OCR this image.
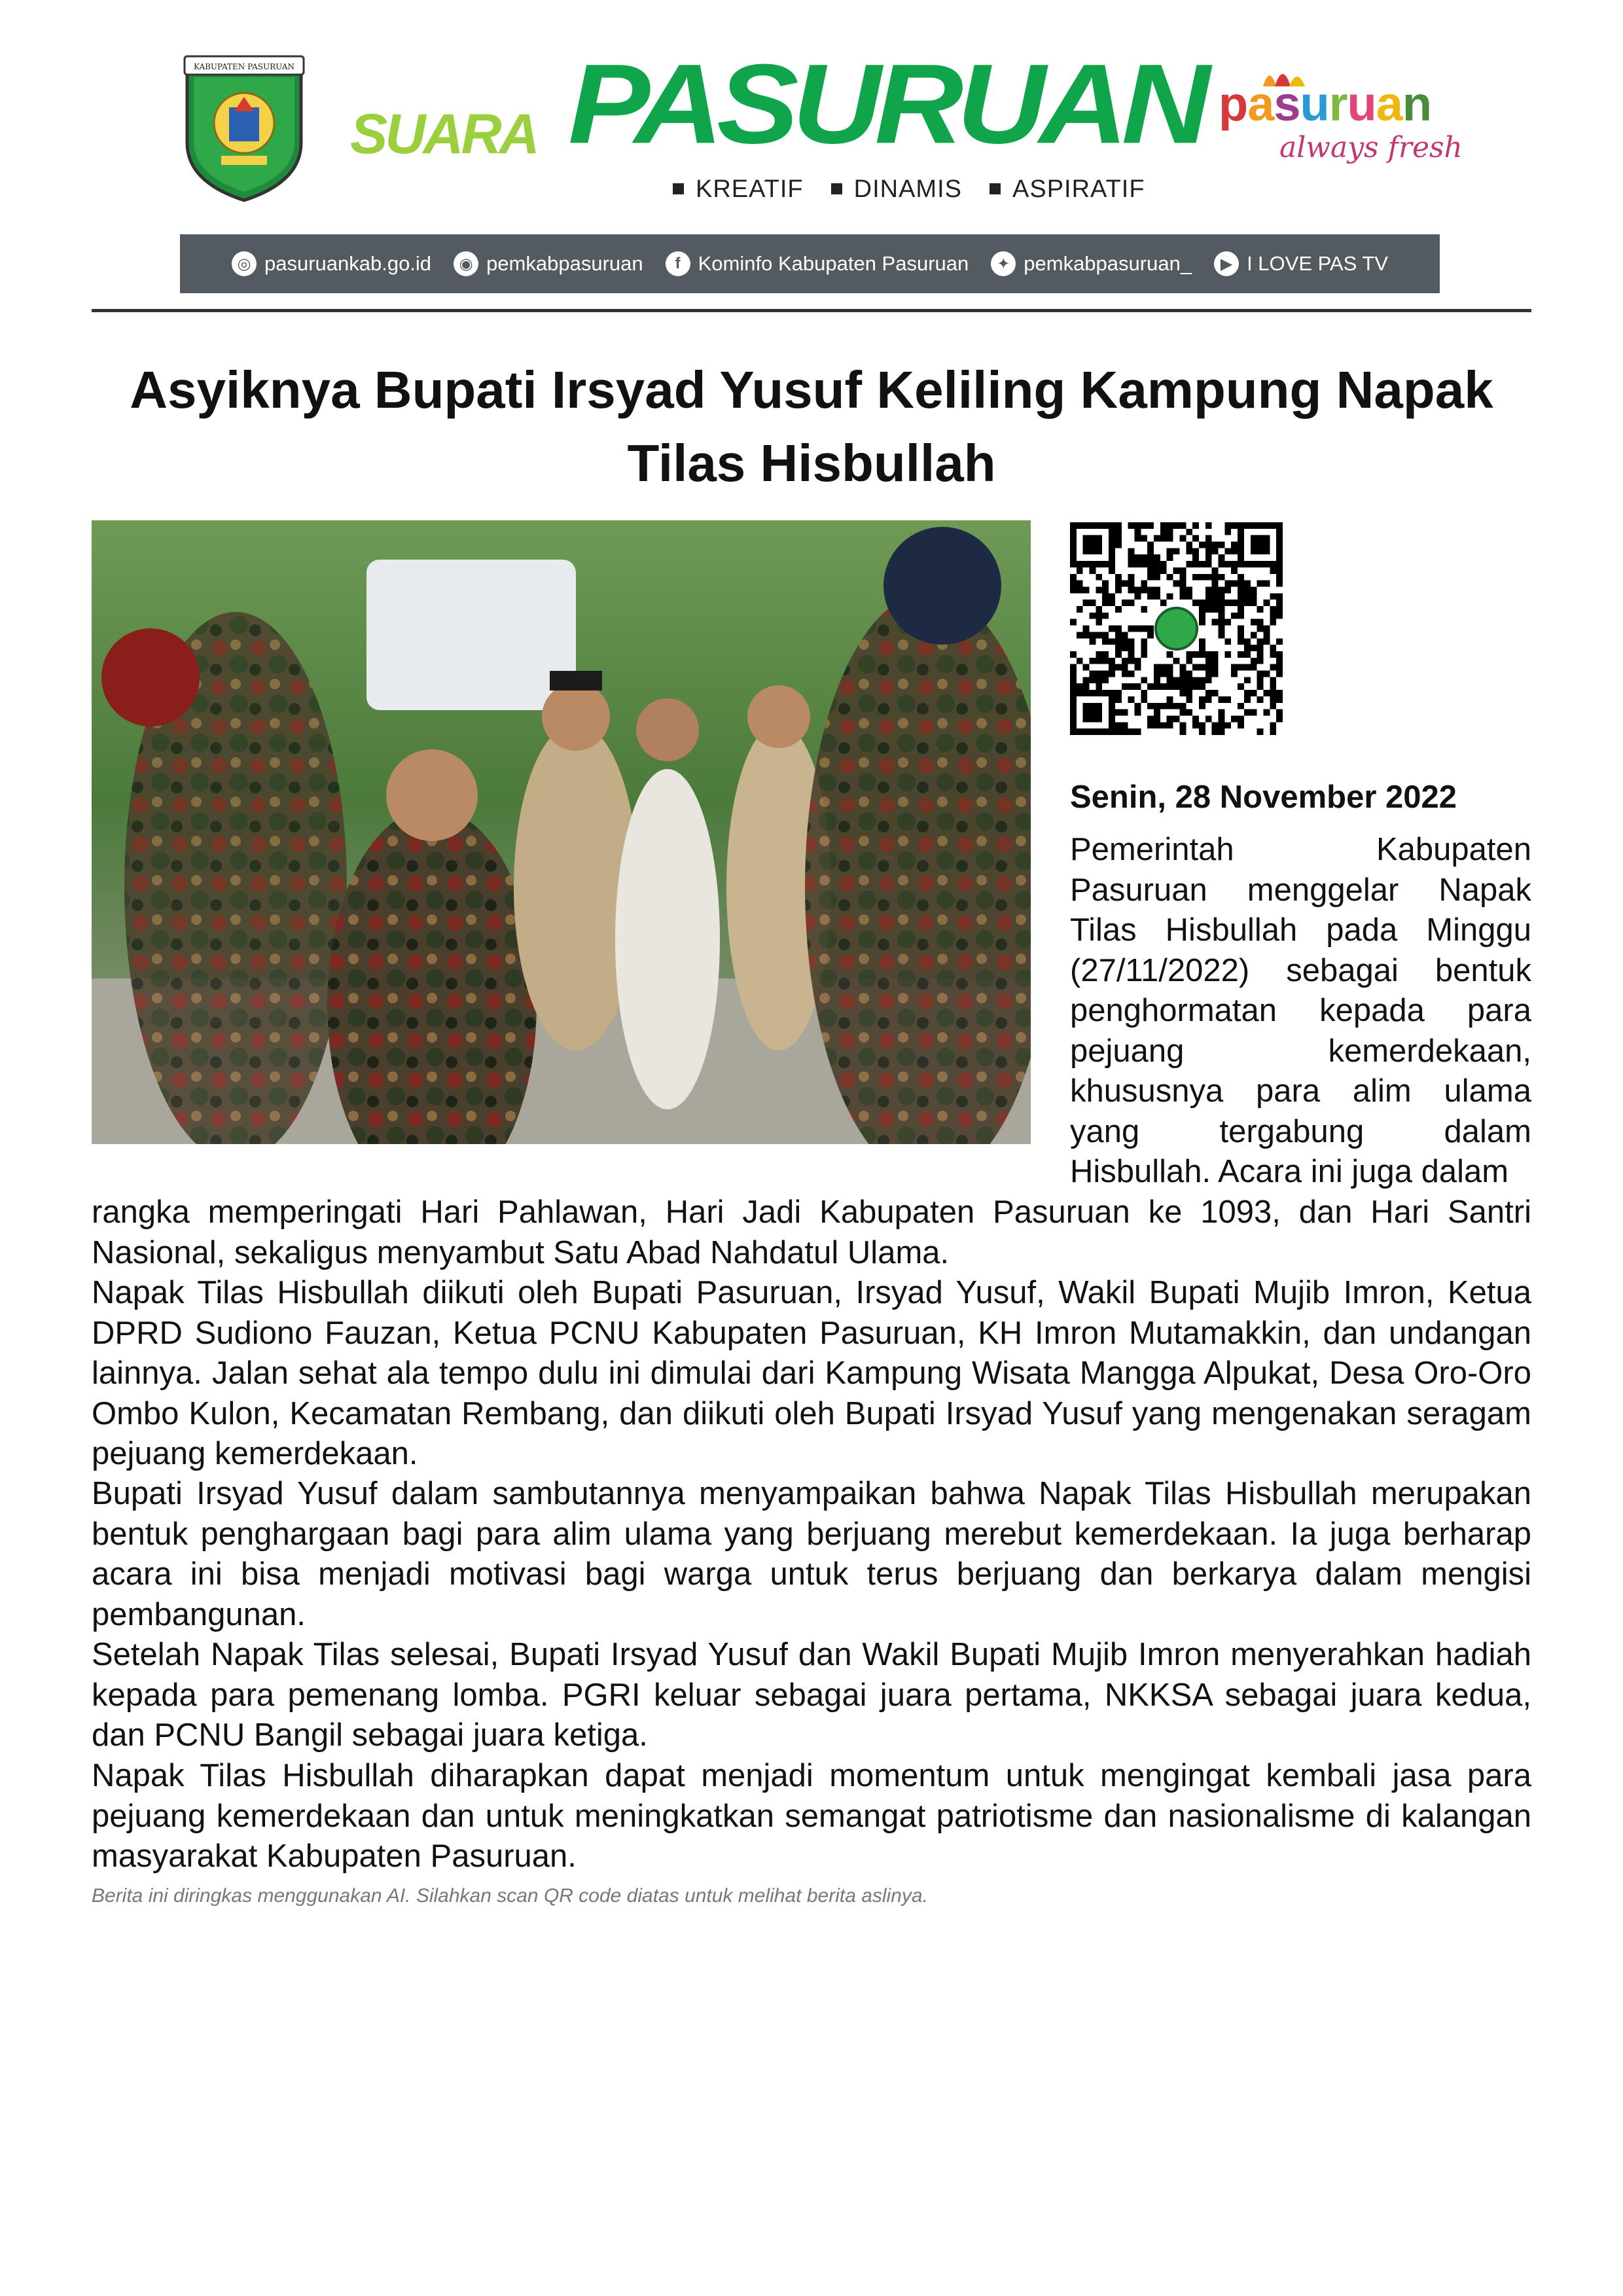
KABUPATEN PASURUAN
SUARA PASURUAN
KREATIF	DINAMIS	ASPIRATIF
pasuruan
always fresh
◎ pasuruankab.go.id	◉ pemkabpasuruan	f Kominfo Kabupaten Pasuruan	✦ pemkabpasuruan_	▶ I LOVE PAS TV
Asyiknya Bupati Irsyad Yusuf Keliling Kampung Napak Tilas Hisbullah

Senin, 28 November 2022

Pemerintah Kabupaten Pasuruan menggelar Napak Tilas Hisbullah pada Minggu (27/11/2022) sebagai bentuk penghormatan kepada para pejuang kemerdekaan, khususnya para alim ulama yang tergabung dalam Hisbullah. Acara ini juga dalam

rangka memperingati Hari Pahlawan, Hari Jadi Kabupaten Pasuruan ke 1093, dan Hari Santri Nasional, sekaligus menyambut Satu Abad Nahdatul Ulama.

Napak Tilas Hisbullah diikuti oleh Bupati Pasuruan, Irsyad Yusuf, Wakil Bupati Mujib Imron, Ketua DPRD Sudiono Fauzan, Ketua PCNU Kabupaten Pasuruan, KH Imron Mutamakkin, dan undangan lainnya. Jalan sehat ala tempo dulu ini dimulai dari Kampung Wisata Mangga Alpukat, Desa Oro-Oro Ombo Kulon, Kecamatan Rembang, dan diikuti oleh Bupati Irsyad Yusuf yang mengenakan seragam pejuang kemerdekaan.

Bupati Irsyad Yusuf dalam sambutannya menyampaikan bahwa Napak Tilas Hisbullah merupakan bentuk penghargaan bagi para alim ulama yang berjuang merebut kemerdekaan. Ia juga berharap acara ini bisa menjadi motivasi bagi warga untuk terus berjuang dan berkarya dalam mengisi pembangunan.

Setelah Napak Tilas selesai, Bupati Irsyad Yusuf dan Wakil Bupati Mujib Imron menyerahkan hadiah kepada para pemenang lomba. PGRI keluar sebagai juara pertama, NKKSA sebagai juara kedua, dan PCNU Bangil sebagai juara ketiga.

Napak Tilas Hisbullah diharapkan dapat menjadi momentum untuk mengingat kembali jasa para pejuang kemerdekaan dan untuk meningkatkan semangat patriotisme dan nasionalisme di kalangan masyarakat Kabupaten Pasuruan.

Berita ini diringkas menggunakan AI. Silahkan scan QR code diatas untuk melihat berita aslinya.
